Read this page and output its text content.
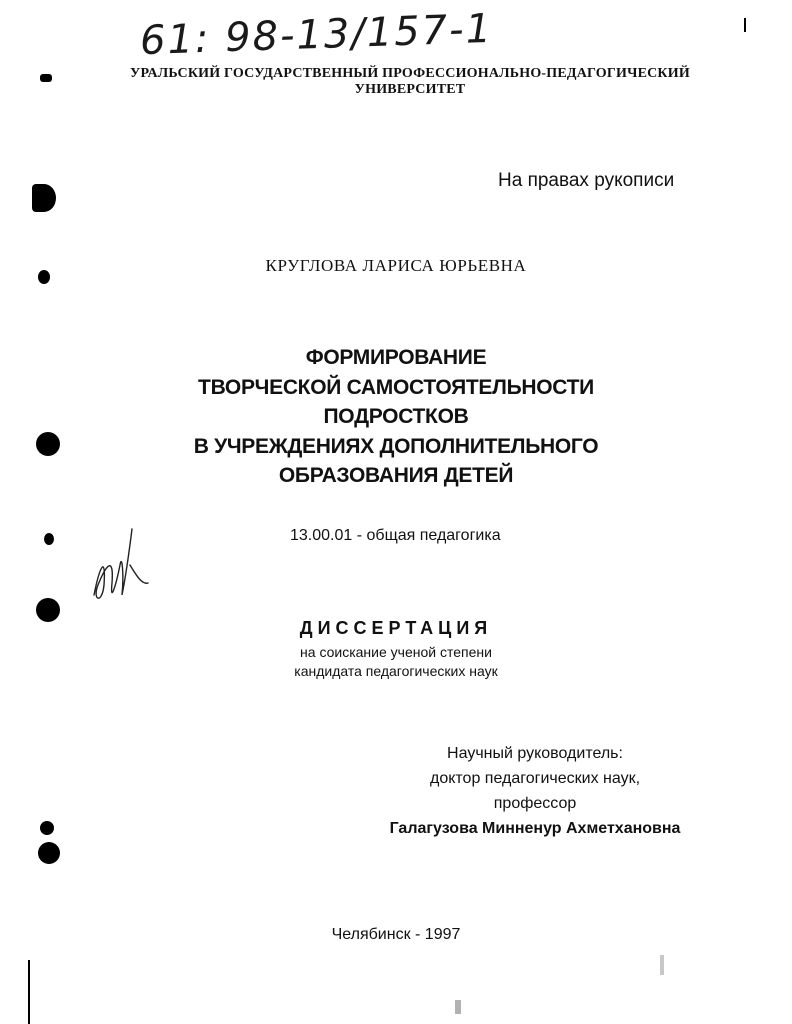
61: 98-13/157-1
УРАЛЬСКИЙ ГОСУДАРСТВЕННЫЙ ПРОФЕССИОНАЛЬНО-ПЕДАГОГИЧЕСКИЙ
УНИВЕРСИТЕТ
На правах рукописи
КРУГЛОВА ЛАРИСА ЮРЬЕВНА
ФОРМИРОВАНИЕ
ТВОРЧЕСКОЙ САМОСТОЯТЕЛЬНОСТИ
ПОДРОСТКОВ
В УЧРЕЖДЕНИЯХ ДОПОЛНИТЕЛЬНОГО
ОБРАЗОВАНИЯ ДЕТЕЙ
13.00.01 - общая педагогика
ДИССЕРТАЦИЯ
на соискание ученой степени
кандидата педагогических наук
Научный руководитель:
доктор педагогических наук,
профессор
Галагузова Минненур Ахметхановна
Челябинск - 1997
